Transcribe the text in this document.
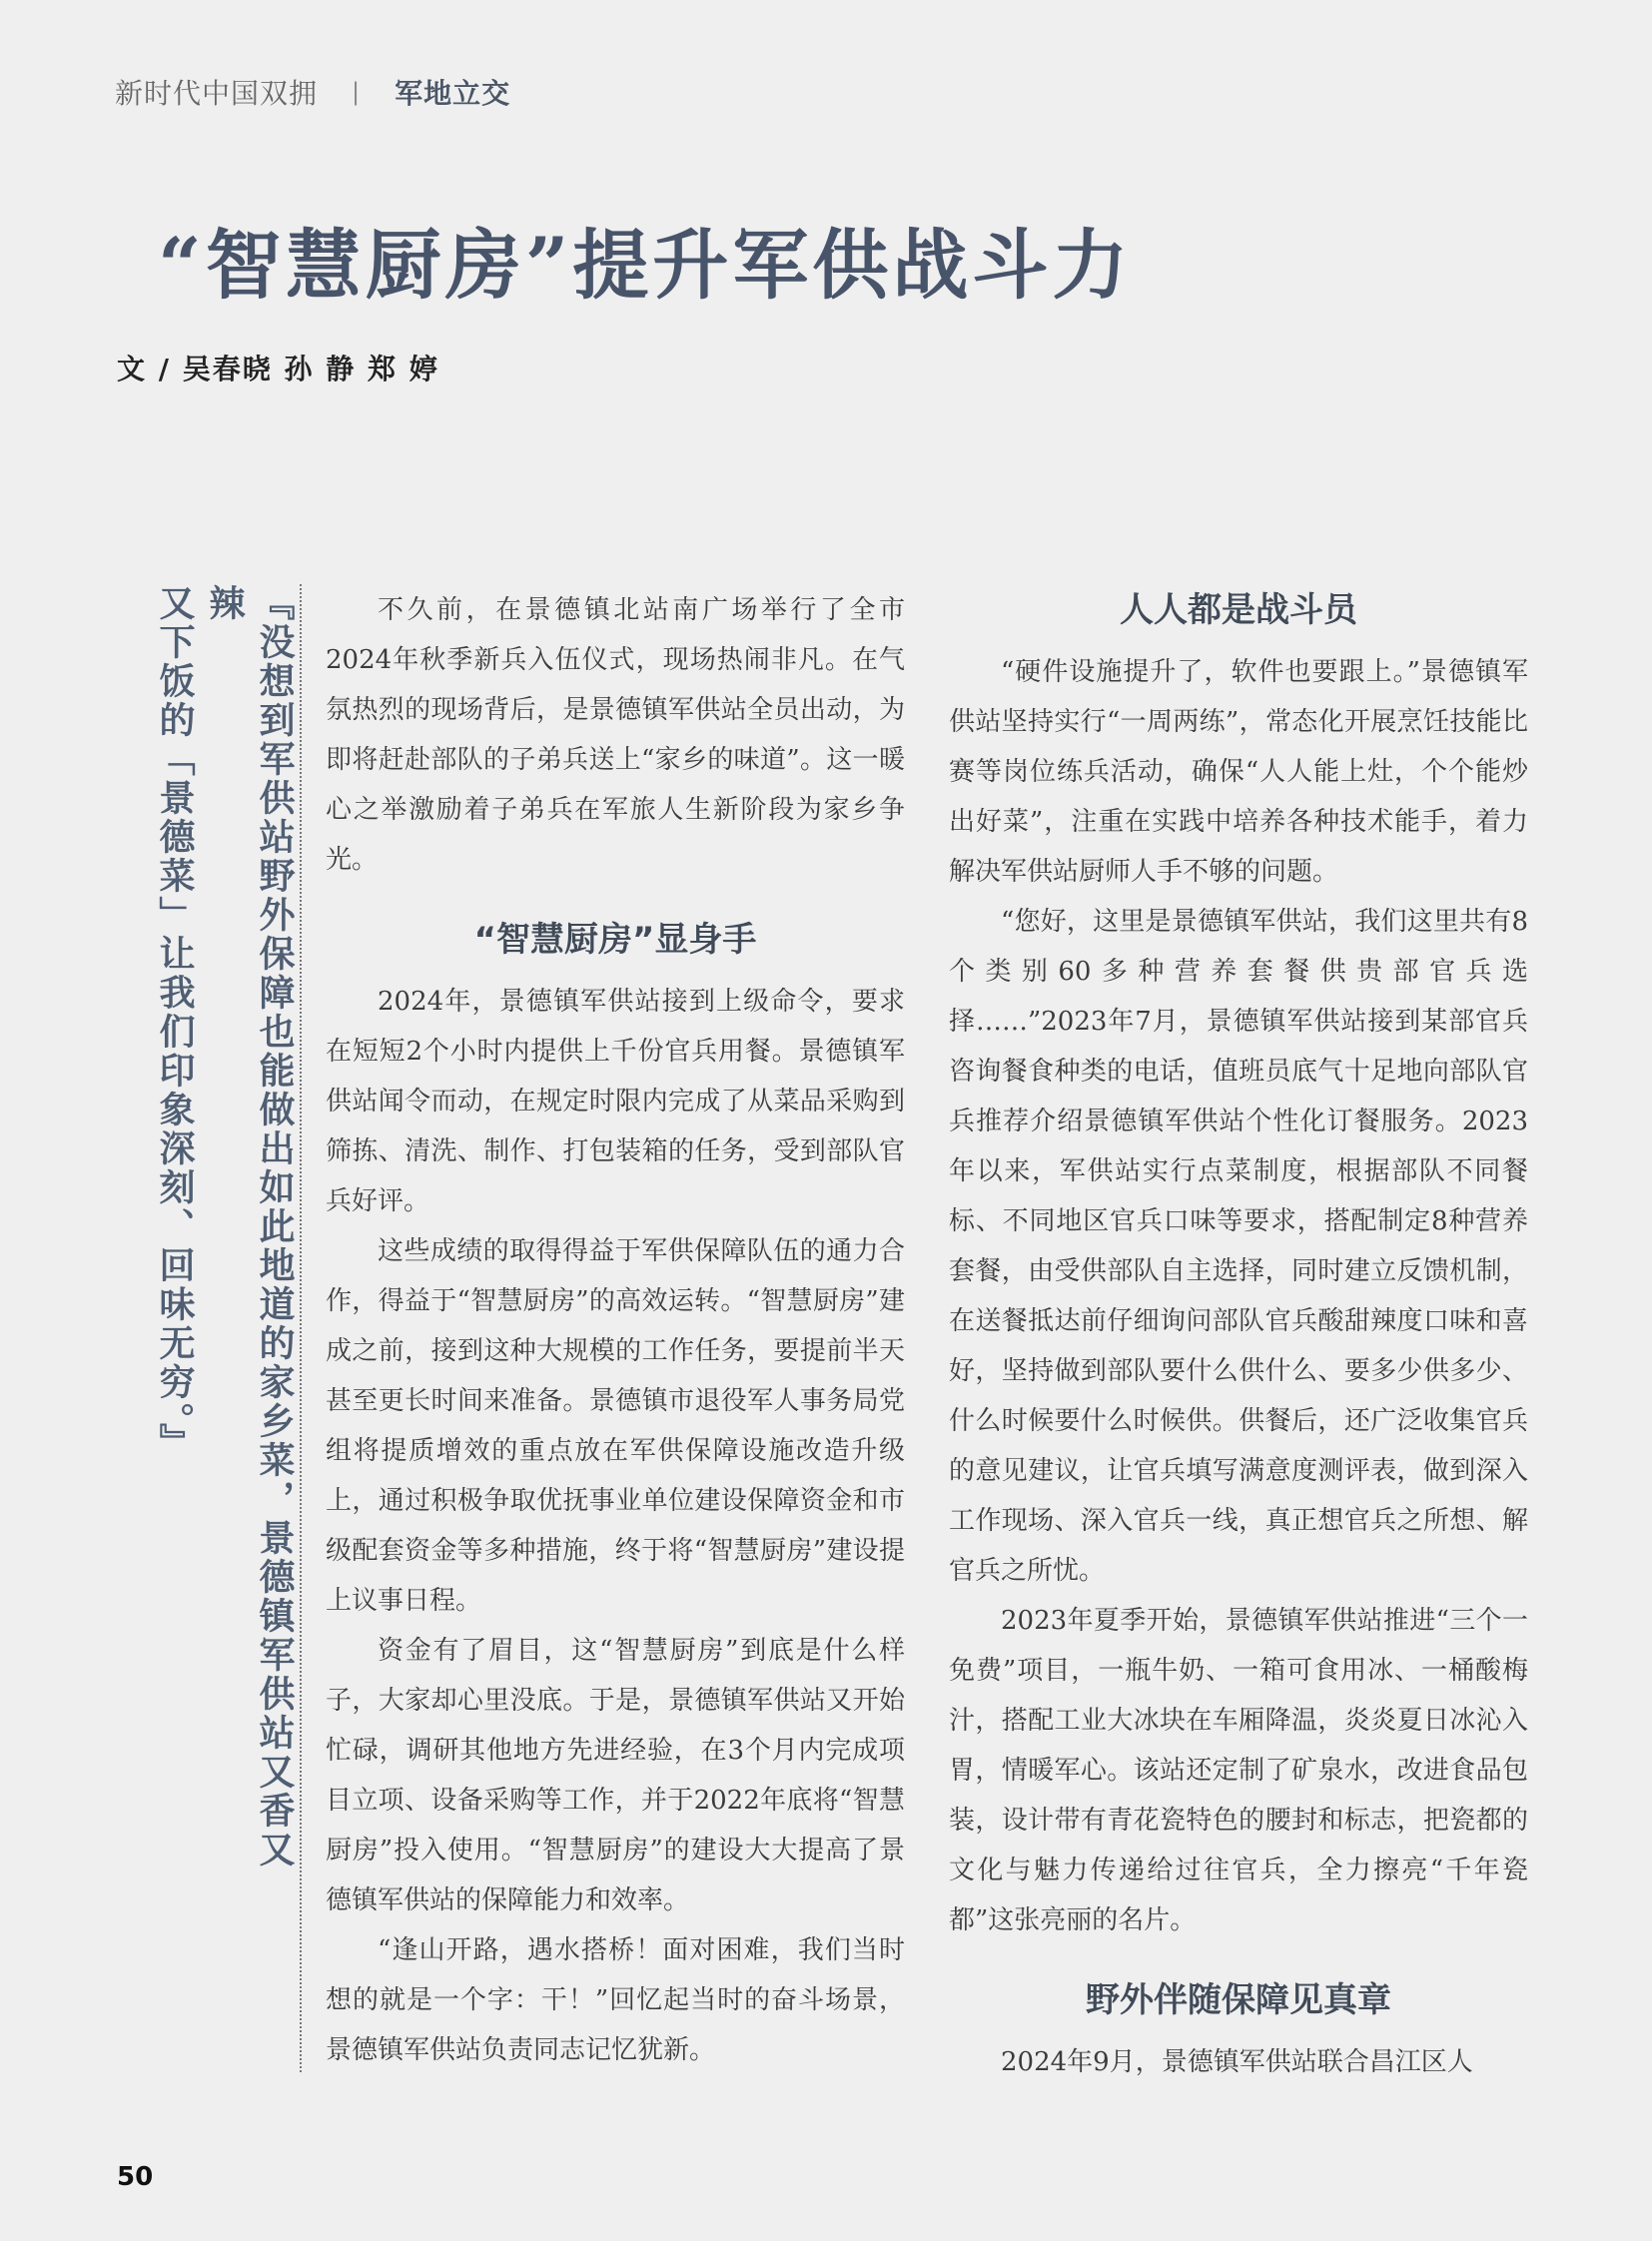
新时代中国双拥 | 军地立交
“智慧厨房”提升军供战斗力
文 / 吴春晓 孙 静 郑 婷
『没想到军供站野外保障也能做出如此地道的家乡菜，景德镇军供站又香又辣
又下饭的「景德菜」让我们印象深刻、回味无穷。』	不久前，在景德镇北站南广场举行了全市2024年秋季新兵入伍仪式，现场热闹非凡。在气氛热烈的现场背后，是景德镇军供站全员出动，为即将赶赴部队的子弟兵送上“家乡的味道”。这一暖心之举激励着子弟兵在军旅人生新阶段为家乡争光。

“智慧厨房”显身手

2024年，景德镇军供站接到上级命令，要求在短短2个小时内提供上千份官兵用餐。景德镇军供站闻令而动，在规定时限内完成了从菜品采购到筛拣、清洗、制作、打包装箱的任务，受到部队官兵好评。

这些成绩的取得得益于军供保障队伍的通力合作，得益于“智慧厨房”的高效运转。“智慧厨房”建成之前，接到这种大规模的工作任务，要提前半天甚至更长时间来准备。景德镇市退役军人事务局党组将提质增效的重点放在军供保障设施改造升级上，通过积极争取优抚事业单位建设保障资金和市级配套资金等多种措施，终于将“智慧厨房”建设提上议事日程。

资金有了眉目，这“智慧厨房”到底是什么样子，大家却心里没底。于是，景德镇军供站又开始忙碌，调研其他地方先进经验，在3个月内完成项目立项、设备采购等工作，并于2022年底将“智慧厨房”投入使用。“智慧厨房”的建设大大提高了景德镇军供站的保障能力和效率。

“逢山开路，遇水搭桥！面对困难，我们当时想的就是一个字：干！”回忆起当时的奋斗场景，景德镇军供站负责同志记忆犹新。

人人都是战斗员

“硬件设施提升了，软件也要跟上。”景德镇军供站坚持实行“一周两练”，常态化开展烹饪技能比赛等岗位练兵活动，确保“人人能上灶，个个能炒出好菜”，注重在实践中培养各种技术能手，着力解决军供站厨师人手不够的问题。

“您好，这里是景德镇军供站，我们这里共有8个类别60多种营养套餐供贵部官兵选择……”2023年7月，景德镇军供站接到某部官兵咨询餐食种类的电话，值班员底气十足地向部队官兵推荐介绍景德镇军供站个性化订餐服务。2023年以来，军供站实行点菜制度，根据部队不同餐标、不同地区官兵口味等要求，搭配制定8种营养套餐，由受供部队自主选择，同时建立反馈机制，在送餐抵达前仔细询问部队官兵酸甜辣度口味和喜好，坚持做到部队要什么供什么、要多少供多少、什么时候要什么时候供。供餐后，还广泛收集官兵的意见建议，让官兵填写满意度测评表，做到深入工作现场、深入官兵一线，真正想官兵之所想、解官兵之所忧。

2023年夏季开始，景德镇军供站推进“三个一免费”项目，一瓶牛奶、一箱可食用冰、一桶酸梅汁，搭配工业大冰块在车厢降温，炎炎夏日冰沁入胃，情暖军心。该站还定制了矿泉水，改进食品包装，设计带有青花瓷特色的腰封和标志，把瓷都的文化与魅力传递给过往官兵，全力擦亮“千年瓷都”这张亮丽的名片。

野外伴随保障见真章

2024年9月，景德镇军供站联合昌江区人

50
